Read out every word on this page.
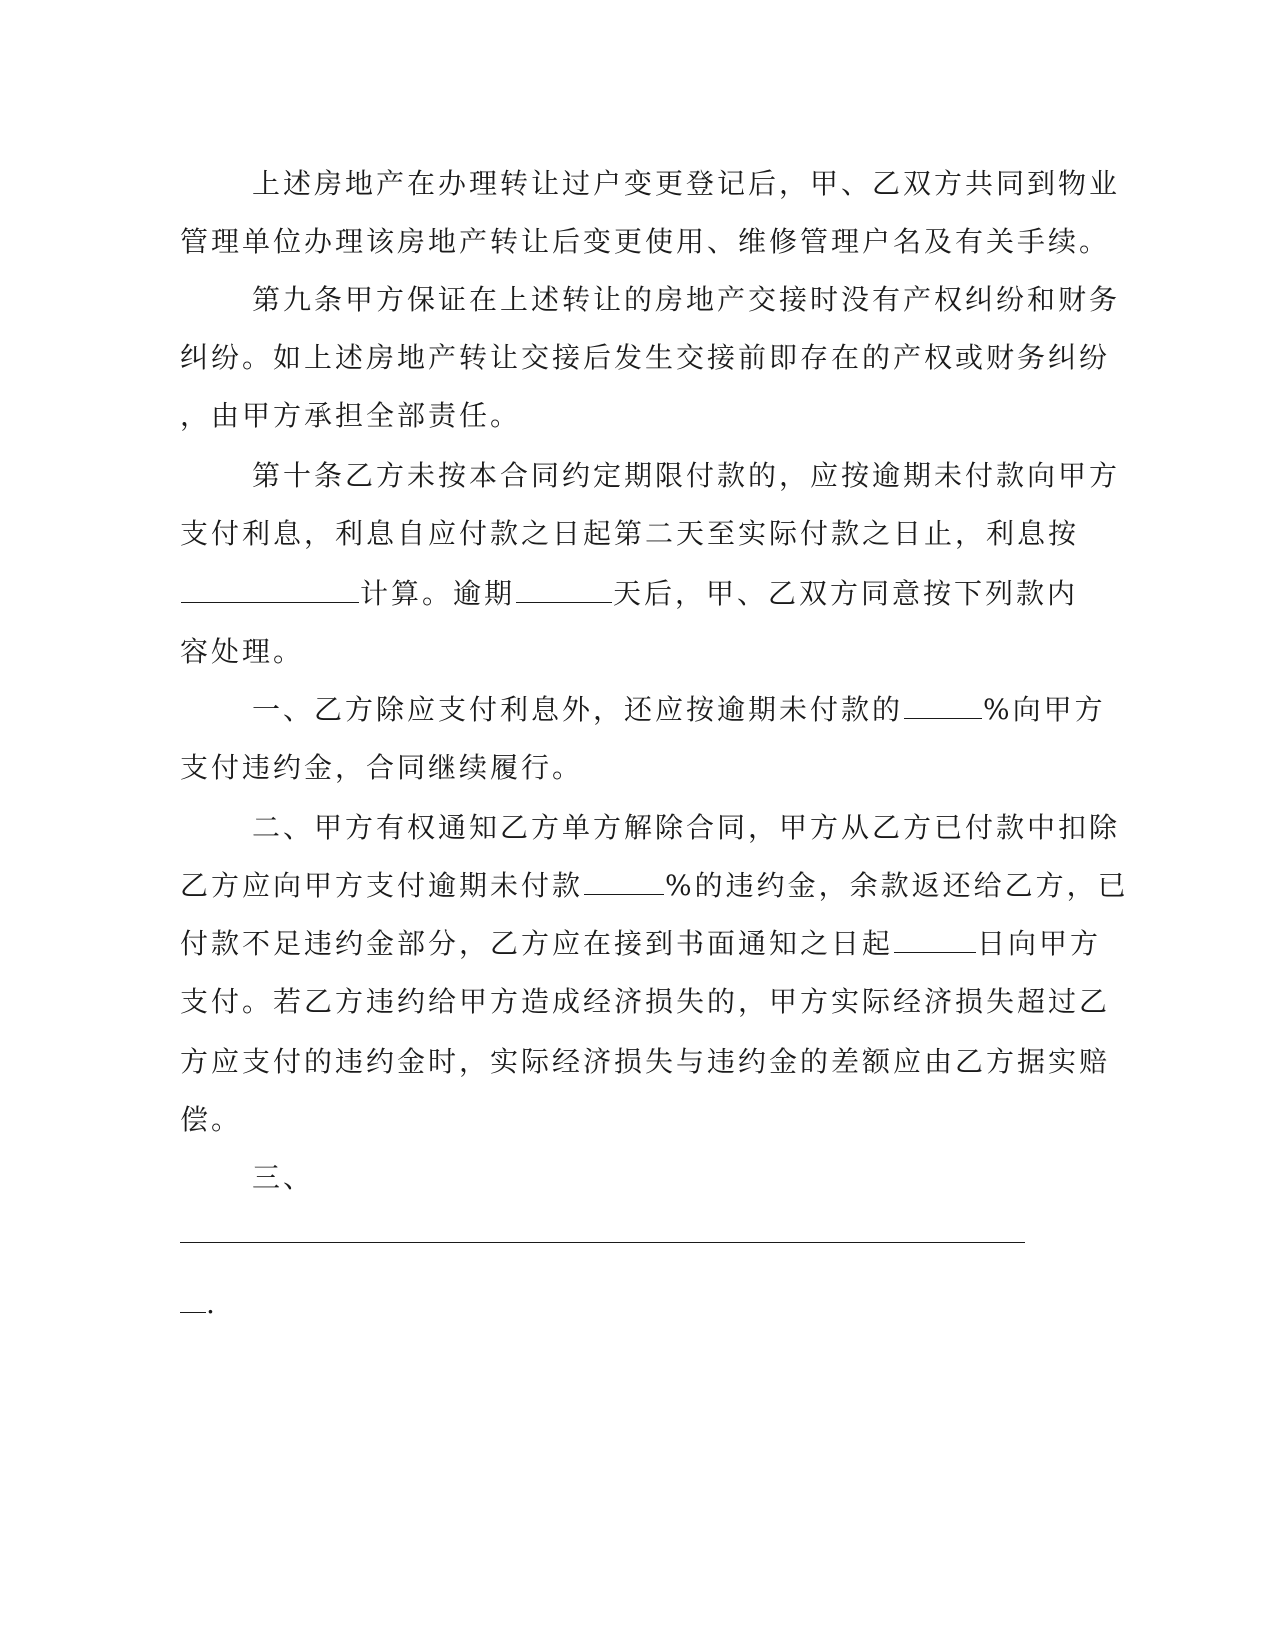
上述房地产在办理转让过户变更登记后，甲、乙双方共同到物业
管理单位办理该房地产转让后变更使用、维修管理户名及有关手续。
第九条甲方保证在上述转让的房地产交接时没有产权纠纷和财务
纠纷。如上述房地产转让交接后发生交接前即存在的产权或财务纠纷
，由甲方承担全部责任。
第十条乙方未按本合同约定期限付款的，应按逾期未付款向甲方
支付利息，利息自应付款之日起第二天至实际付款之日止，利息按
计算。逾期	天后，甲、乙双方同意按下列款内
容处理。
一、乙方除应支付利息外，还应按逾期未付款的	%向甲方
支付违约金，合同继续履行。
二、甲方有权通知乙方单方解除合同，甲方从乙方已付款中扣除
乙方应向甲方支付逾期未付款	%的违约金，余款返还给乙方，已
付款不足违约金部分，乙方应在接到书面通知之日起	日向甲方
支付。若乙方违约给甲方造成经济损失的，甲方实际经济损失超过乙
方应支付的违约金时，实际经济损失与违约金的差额应由乙方据实赔
偿。
三、
.
